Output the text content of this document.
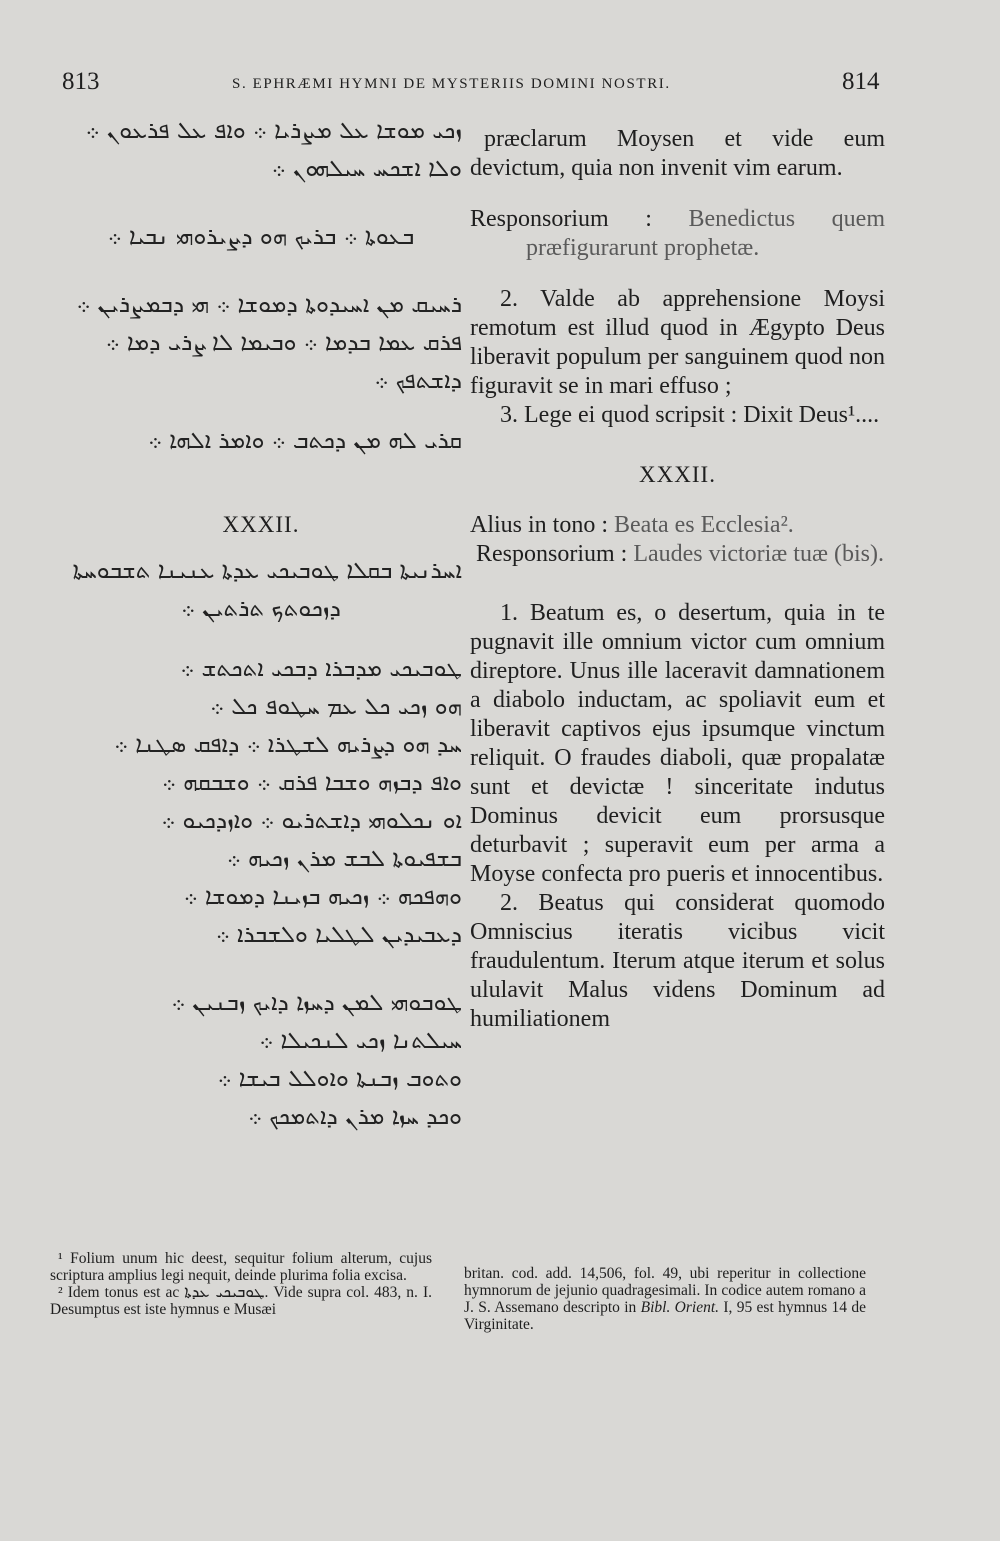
813	S. EPHRÆMI HYMNI DE MYSTERIIS DOMINI NOSTRI.	814
ܙܟܝ ܡܘܫܐ ܥܠ ܡܨܪܝܐ ܀ ܘܐܦ ܥܠ ܦܪܥܘܢ ܀
ܘܠܐ ܐܫܟܚ ܚܝܠܗܘܢ ܀
ܒܥܘܬܐ ܀ ܒܪܝܟ ܗܘ ܕܨܝܪܘܗܝ ܢܒܝܐ ܀
ܪܚܝܩ ܡܢ ܐܚܝܕܘܬܐ ܕܡܘܫܐ ܀ ܗܝ ܕܒܡܨܪܝܢ ܀
ܦܪܩ ܥܡܐ ܒܕܡܐ ܀ ܘܒܝܡܐ ܠܐ ܨܪܝ ܕܡܐ ܀
ܕܐܫܬܦܟ ܀
ܩܪܝ ܠܗ ܡܢ ܕܟܬܒ ܀ ܘܐܡܪ ܐܠܗܐ ܀
XXXII.
ܐܚܪܢܝܬܐ ܒܩܠܐ ܛܘܒܝܟܝ ܥܕܬܐ ܥܢܝܢܐ ܬܫܒܘܚܬܐ
ܕܙܟܘܬܟ ܬܪܬܝܢ ܀
ܛܘܒܝܟܝ ܡܕܒܪܐ ܕܒܟܝ ܐܬܟܬܫ ܀
ܗܘ ܙܟܝ ܟܠ ܥܡ ܚܛܘܦ ܟܠ ܀
ܚܕ ܗܘ ܕܨܪܝܗ ܠܫܛܪܐ ܀ ܕܐܦܩ ܣܛܢܐ ܀
ܘܐܦ ܕܒܙܗ ܘܫܒܐ ܦܪܩ ܀ ܘܫܒܩܗ ܀
ܐܘ ܢܟܠܘܗܝ ܕܐܫܬܪܝܘ ܀ ܘܐܙܕܟܝܘ ܀
ܒܫܦܝܘܬܐ ܠܒܫ ܡܪܢ ܙܟܝܗ ܀
ܘܗܦܟܗ ܀ ܙܟܝܗ ܒܙܝܢܐ ܕܡܘܫܐ ܀
ܕܥܒܝܕܝܢ ܠܛܠܝܐ ܘܠܫܒܪܐ ܀
ܛܘܒܘܗܝ ܠܡܢ ܕܚܙܐ ܕܐܝܟ ܙܒܢܝܢ ܀
ܚܝܠܬܢܐ ܙܟܝ ܠܢܟܝܠܐ ܀
ܘܬܘܒ ܙܒܢܬܐ ܘܐܘܠܠ ܒܝܫܐ ܀
ܘܟܕ ܚܙܐ ܡܪܢ ܕܐܬܡܟܟ ܀

præclarum Moysen et vide eum devictum, quia non invenit vim earum.

Responsorium : Benedictus quem præfigurarunt prophetæ.

2. Valde ab apprehensione Moysi remotum est illud quod in Ægypto Deus liberavit populum per sanguinem quod non figuravit se in mari effuso ;

3. Lege ei quod scripsit : Dixit Deus¹....

XXXII.

Alius in tono : Beata es Ecclesia².

Responsorium : Laudes victoriæ tuæ (bis).

1. Beatum es, o desertum, quia in te pugnavit ille omnium victor cum omnium direptore. Unus ille laceravit damnationem a diabolo inductam, ac spoliavit eum et liberavit captivos ejus ipsumque vinctum reliquit. O fraudes diaboli, quæ propalatæ sunt et devictæ ! sinceritate indutus Dominus devicit eum prorsusque deturbavit ; superavit eum per arma a Moyse confecta pro pueris et innocentibus.

2. Beatus qui considerat quomodo Omniscius iteratis vicibus vicit fraudulentum. Iterum atque iterum et solus ululavit Malus videns Dominum ad humiliationem

¹ Folium unum hic deest, sequitur folium alterum, cujus scriptura amplius legi nequit, deinde plurima folia excisa.

² Idem tonus est ac ܛܘܒܝܟܝ ܥܕܬܐ. Vide supra col. 483, n. I. Desumptus est iste hymnus e Musæi

britan. cod. add. 14,506, fol. 49, ubi reperitur in collectione hymnorum de jejunio quadragesimali. In codice autem romano a J. S. Assemano descripto in Bibl. Orient. I, 95 est hymnus 14 de Virginitate.
